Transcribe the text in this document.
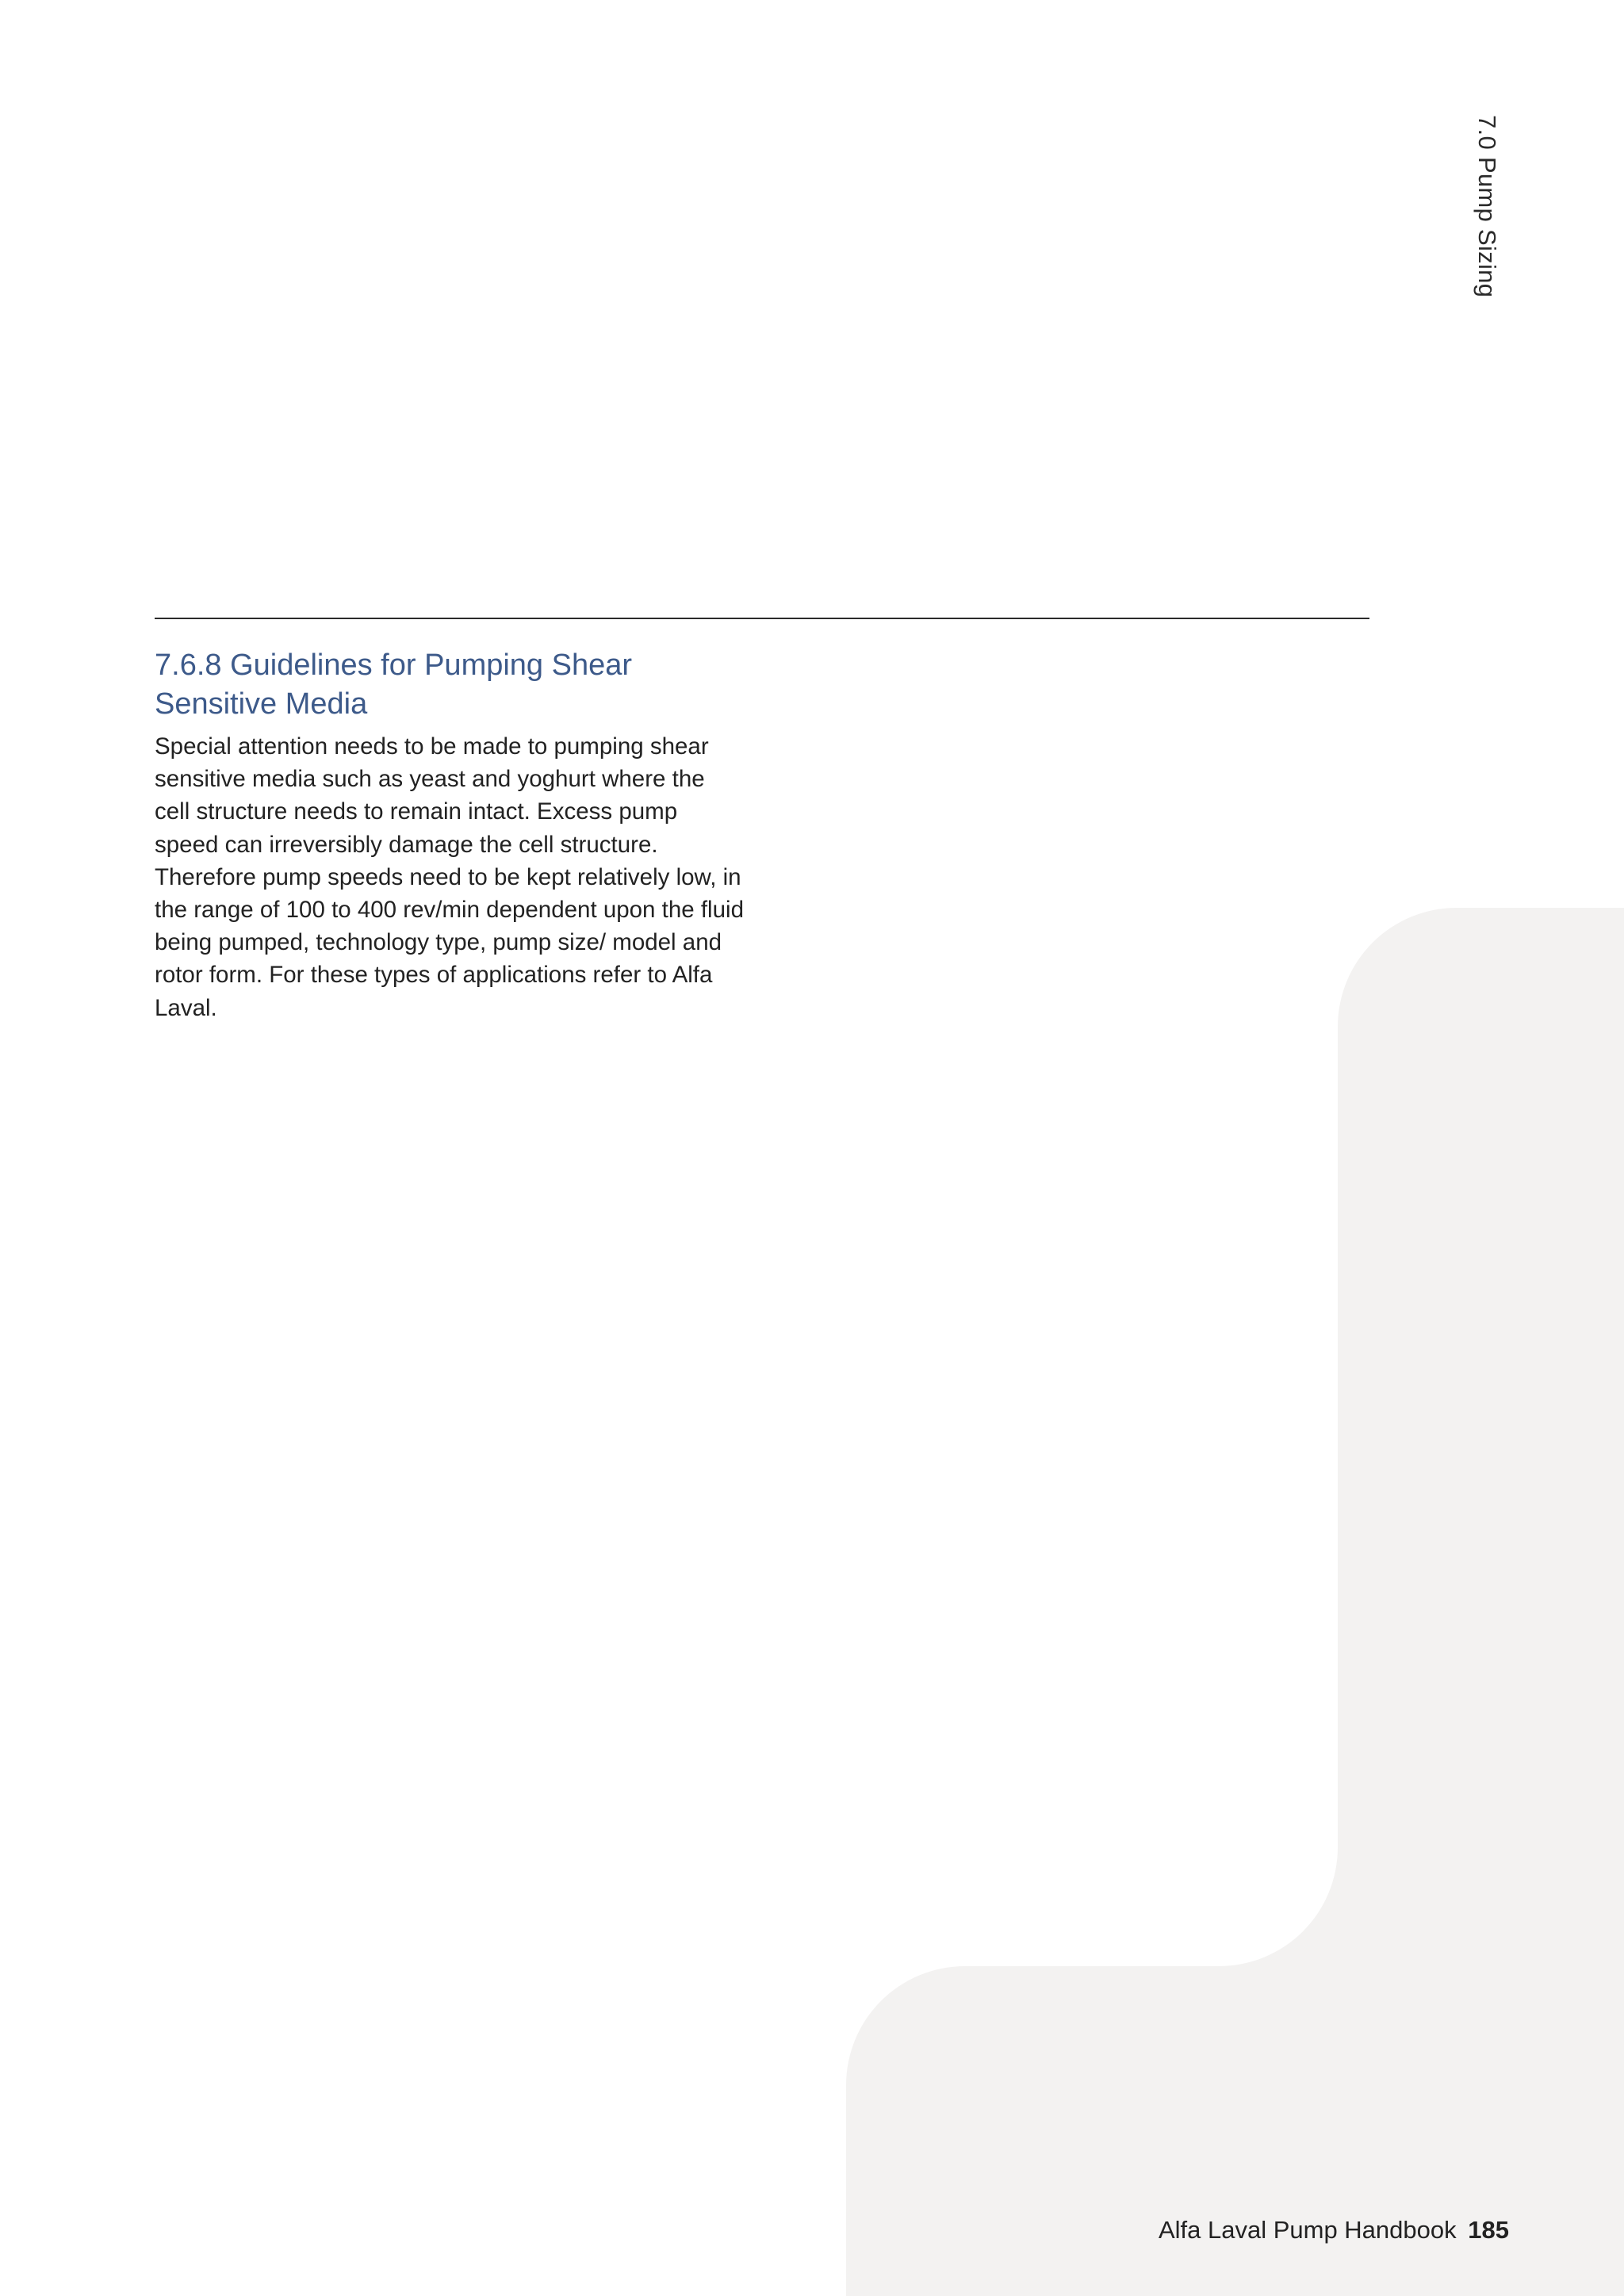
7.0 Pump Sizing
7.6.8 Guidelines for Pumping Shear Sensitive Media

Special attention needs to be made to pumping shear sensitive media such as yeast and yoghurt where the cell structure needs to remain intact. Excess pump speed can irreversibly damage the cell structure. Therefore pump speeds need to be kept relatively low, in the range of 100 to 400 rev/min dependent upon the fluid being pumped, technology type, pump size/ model and rotor form. For these types of applications refer to Alfa Laval.

Alfa Laval Pump Handbook 185
